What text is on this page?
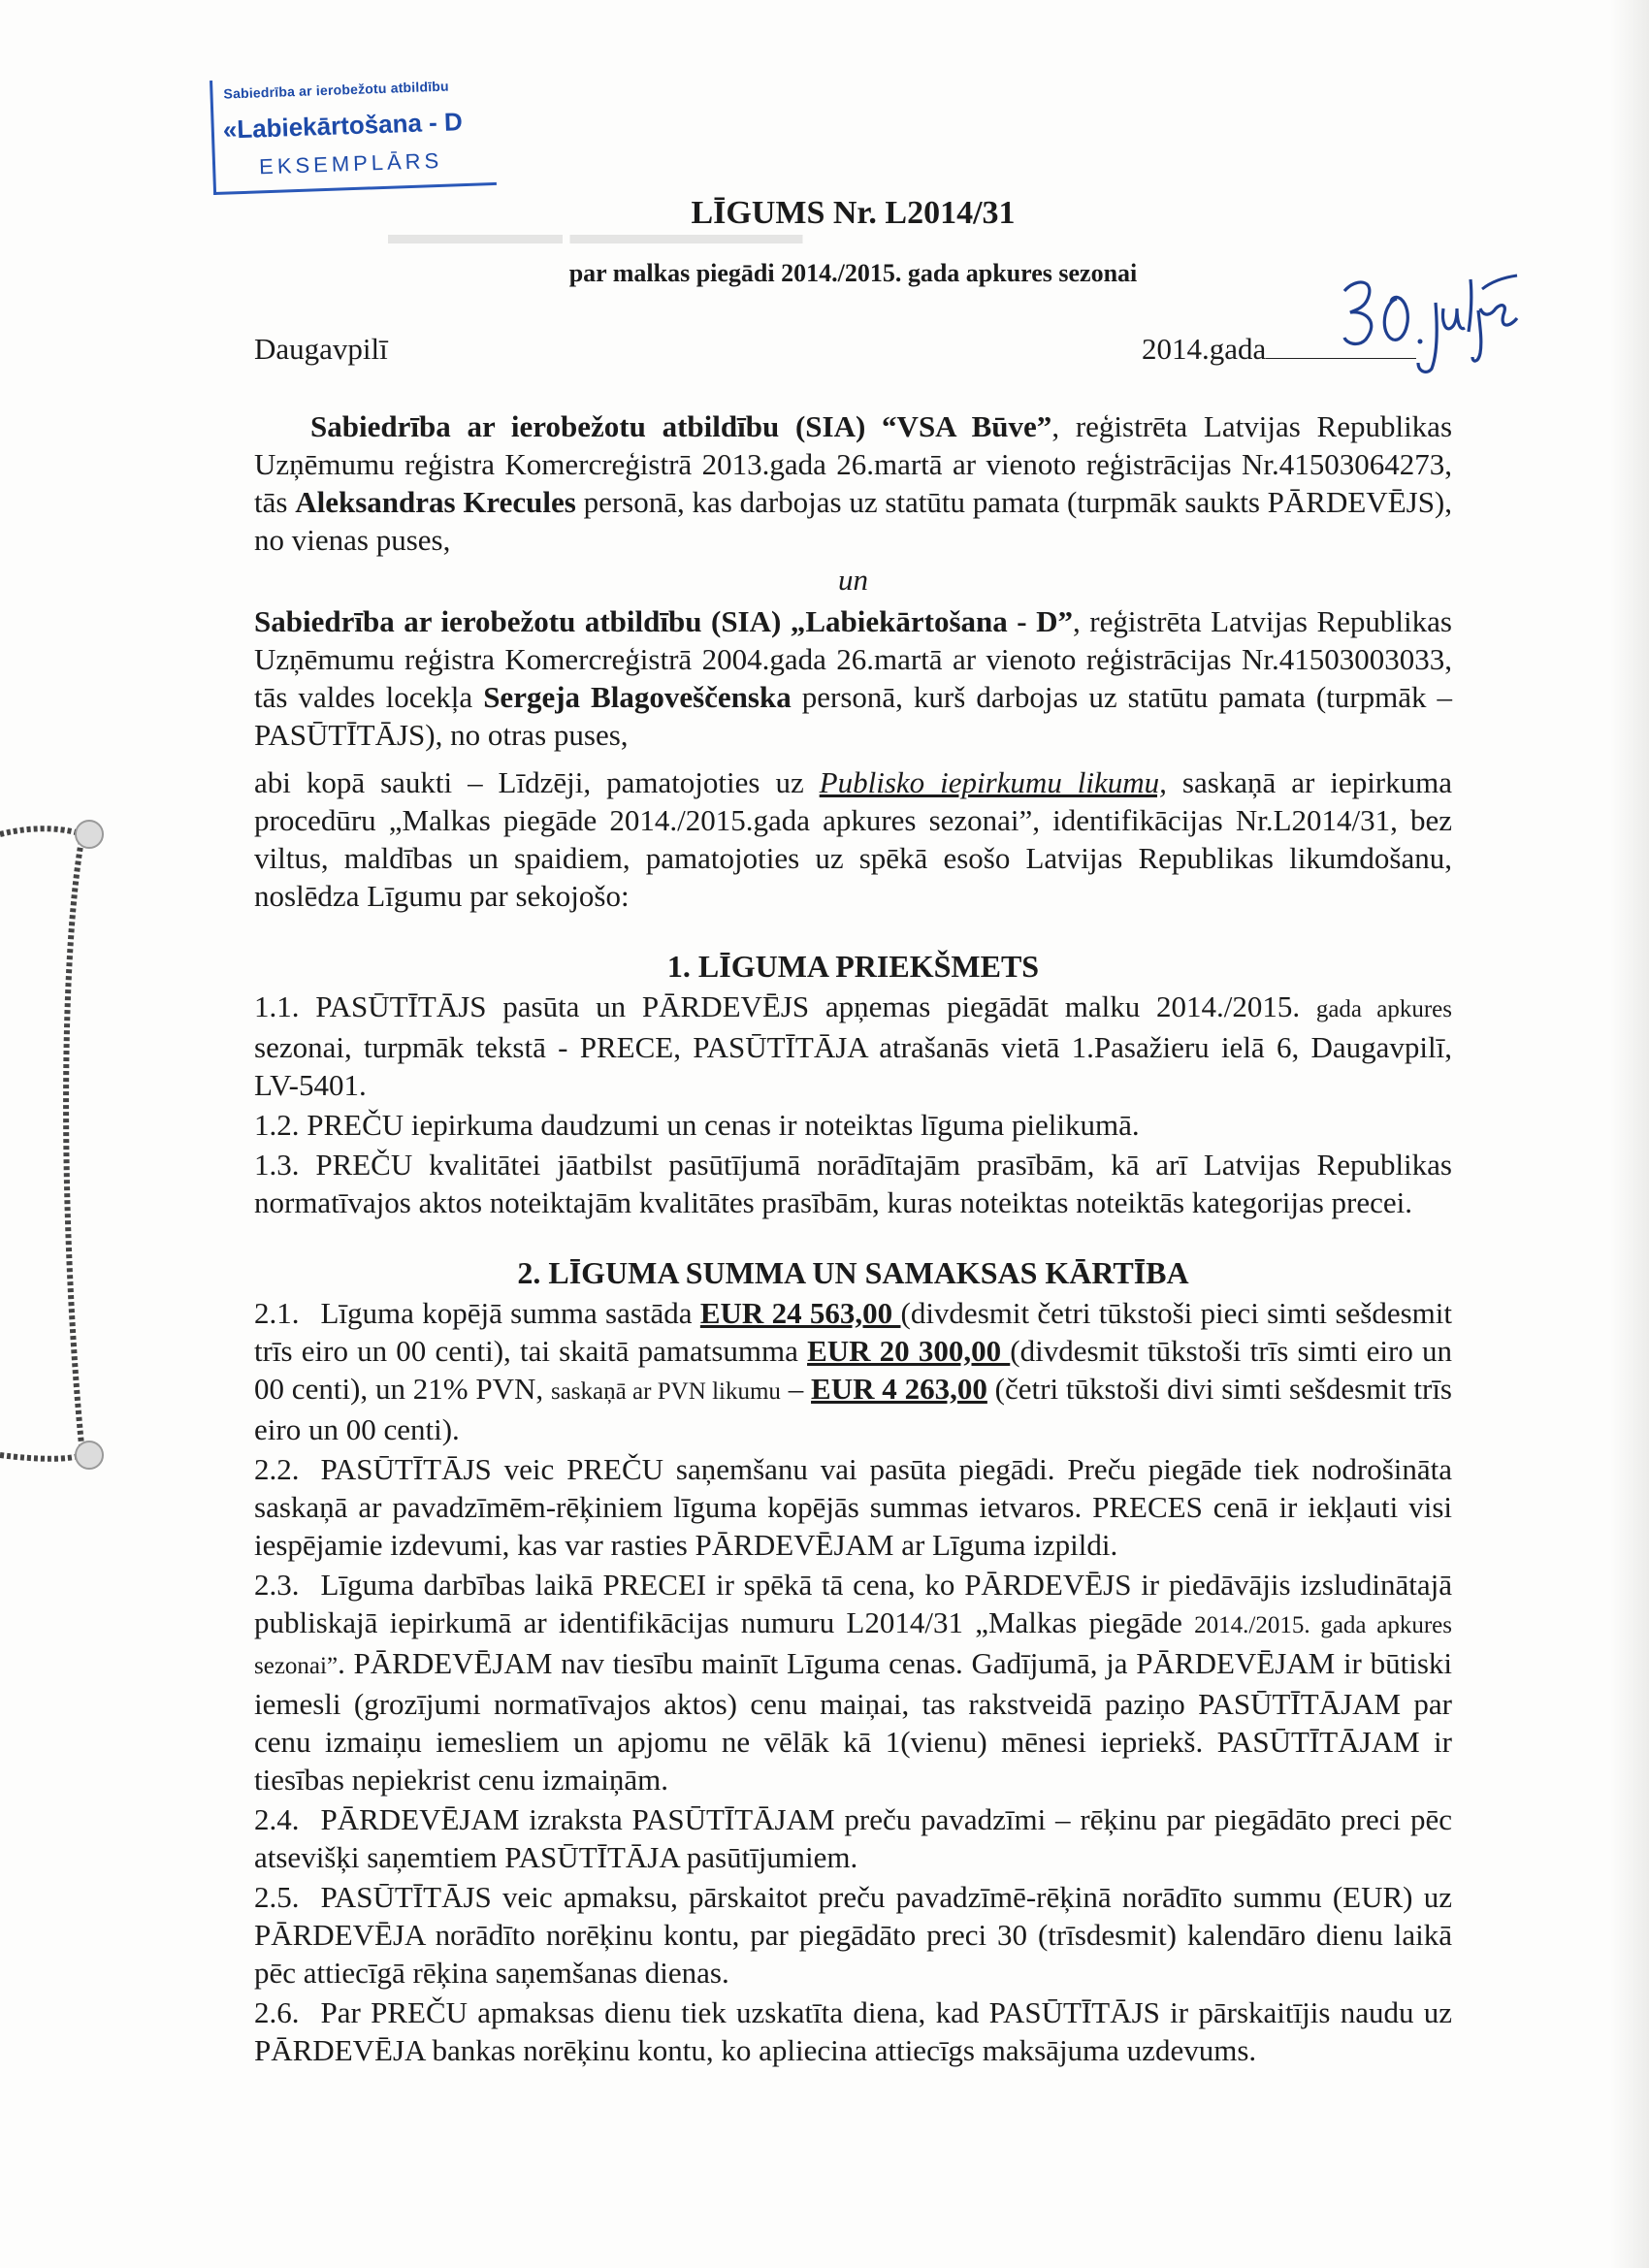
▬▬▬▬▬▬ ▬▬▬▬▬▬▬▬
Sabiedrība ar ierobežotu atbildību
«Labiekārtošana - D
EKSEMPLĀRS
LĪGUMS Nr. L2014/31
par malkas piegādi 2014./2015. gada apkures sezonai
Daugavpilī	2014.gada

Sabiedrība ar ierobežotu atbildību (SIA) “VSA Būve”, reģistrēta Latvijas Republikas Uzņēmumu reģistra Komercreģistrā 2013.gada 26.martā ar vienoto reģistrācijas Nr.41503064273, tās Aleksandras Krecules personā, kas darbojas uz statūtu pamata (turpmāk saukts PĀRDEVĒJS), no vienas puses,

un

Sabiedrība ar ierobežotu atbildību (SIA) „Labiekārtošana - D”, reģistrēta Latvijas Republikas Uzņēmumu reģistra Komercreģistrā 2004.gada 26.martā ar vienoto reģistrācijas Nr.41503003033, tās valdes locekļa Sergeja Blagoveščenska personā, kurš darbojas uz statūtu pamata (turpmāk – PASŪTĪTĀJS), no otras puses,

abi kopā saukti – Līdzēji, pamatojoties uz Publisko iepirkumu likumu, saskaņā ar iepirkuma procedūru „Malkas piegāde 2014./2015.gada apkures sezonai”, identifikācijas Nr.L2014/31, bez viltus, maldības un spaidiem, pamatojoties uz spēkā esošo Latvijas Republikas likumdošanu, noslēdza Līgumu par sekojošo:

1. LĪGUMA PRIEKŠMETS

1.1. PASŪTĪTĀJS pasūta un PĀRDEVĒJS apņemas piegādāt malku 2014./2015. gada apkures sezonai, turpmāk tekstā - PRECE, PASŪTĪTĀJA atrašanās vietā 1.Pasažieru ielā 6, Daugavpilī, LV-5401.

1.2. PREČU iepirkuma daudzumi un cenas ir noteiktas līguma pielikumā.

1.3. PREČU kvalitātei jāatbilst pasūtījumā norādītajām prasībām, kā arī Latvijas Republikas normatīvajos aktos noteiktajām kvalitātes prasībām, kuras noteiktas noteiktās kategorijas precei.

2. LĪGUMA SUMMA UN SAMAKSAS KĀRTĪBA

2.1. Līguma kopējā summa sastāda EUR 24 563,00 (divdesmit četri tūkstoši pieci simti sešdesmit trīs eiro un 00 centi), tai skaitā pamatsumma EUR 20 300,00 (divdesmit tūkstoši trīs simti eiro un 00 centi), un 21% PVN, saskaņā ar PVN likumu – EUR 4 263,00 (četri tūkstoši divi simti sešdesmit trīs eiro un 00 centi).

2.2. PASŪTĪTĀJS veic PREČU saņemšanu vai pasūta piegādi. Preču piegāde tiek nodrošināta saskaņā ar pavadzīmēm-rēķiniem līguma kopējās summas ietvaros. PRECES cenā ir iekļauti visi iespējamie izdevumi, kas var rasties PĀRDEVĒJAM ar Līguma izpildi.

2.3. Līguma darbības laikā PRECEI ir spēkā tā cena, ko PĀRDEVĒJS ir piedāvājis izsludinātajā publiskajā iepirkumā ar identifikācijas numuru L2014/31 „Malkas piegāde 2014./2015. gada apkures sezonai”. PĀRDEVĒJAM nav tiesību mainīt Līguma cenas. Gadījumā, ja PĀRDEVĒJAM ir būtiski iemesli (grozījumi normatīvajos aktos) cenu maiņai, tas rakstveidā paziņo PASŪTĪTĀJAM par cenu izmaiņu iemesliem un apjomu ne vēlāk kā 1(vienu) mēnesi iepriekš. PASŪTĪTĀJAM ir tiesības nepiekrist cenu izmaiņām.

2.4. PĀRDEVĒJAM izraksta PASŪTĪTĀJAM preču pavadzīmi – rēķinu par piegādāto preci pēc atsevišķi saņemtiem PASŪTĪTĀJA pasūtījumiem.

2.5. PASŪTĪTĀJS veic apmaksu, pārskaitot preču pavadzīmē-rēķinā norādīto summu (EUR) uz PĀRDEVĒJA norādīto norēķinu kontu, par piegādāto preci 30 (trīsdesmit) kalendāro dienu laikā pēc attiecīgā rēķina saņemšanas dienas.

2.6. Par PREČU apmaksas dienu tiek uzskatīta diena, kad PASŪTĪTĀJS ir pārskaitījis naudu uz PĀRDEVĒJA bankas norēķinu kontu, ko apliecina attiecīgs maksājuma uzdevums.
